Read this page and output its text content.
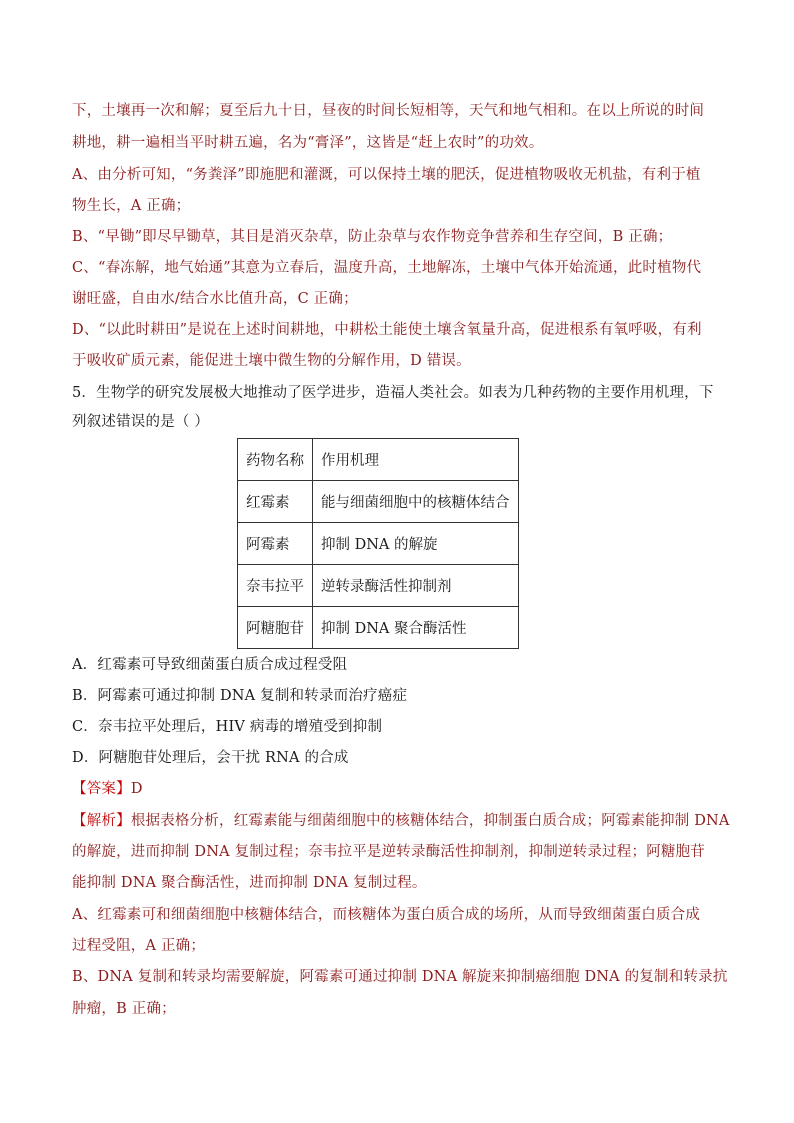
下，土壤再一次和解；夏至后九十日，昼夜的时间长短相等，天气和地气相和。在以上所说的时间
耕地，耕一遍相当平时耕五遍，名为“膏泽”，这皆是“赶上农时”的功效。
A、由分析可知，“务粪泽”即施肥和灌溉，可以保持土壤的肥沃，促进植物吸收无机盐，有利于植
物生长，A 正确；
B、“早锄”即尽早锄草，其目是消灭杂草，防止杂草与农作物竞争营养和生存空间，B 正确；
C、“春冻解，地气始通”其意为立春后，温度升高，土地解冻，土壤中气体开始流通，此时植物代
谢旺盛，自由水/结合水比值升高，C 正确；
D、“以此时耕田”是说在上述时间耕地，中耕松土能使土壤含氧量升高，促进根系有氧呼吸，有利
于吸收矿质元素，能促进土壤中微生物的分解作用，D 错误。
5．生物学的研究发展极大地推动了医学进步，造福人类社会。如表为几种药物的主要作用机理，下
列叙述错误的是（ ）
药物名称	作用机理
红霉素	能与细菌细胞中的核糖体结合
阿霉素	抑制 DNA 的解旋
奈韦拉平	逆转录酶活性抑制剂
阿糖胞苷	抑制 DNA 聚合酶活性
A．红霉素可导致细菌蛋白质合成过程受阻
B．阿霉素可通过抑制 DNA 复制和转录而治疗癌症
C．奈韦拉平处理后，HIV 病毒的增殖受到抑制
D．阿糖胞苷处理后，会干扰 RNA 的合成
【答案】D
【解析】根据表格分析，红霉素能与细菌细胞中的核糖体结合，抑制蛋白质合成；阿霉素能抑制 DNA
的解旋，进而抑制 DNA 复制过程；奈韦拉平是逆转录酶活性抑制剂，抑制逆转录过程；阿糖胞苷
能抑制 DNA 聚合酶活性，进而抑制 DNA 复制过程。
A、红霉素可和细菌细胞中核糖体结合，而核糖体为蛋白质合成的场所，从而导致细菌蛋白质合成
过程受阻，A 正确；
B、DNA 复制和转录均需要解旋，阿霉素可通过抑制 DNA 解旋来抑制癌细胞 DNA 的复制和转录抗
肿瘤，B 正确；
